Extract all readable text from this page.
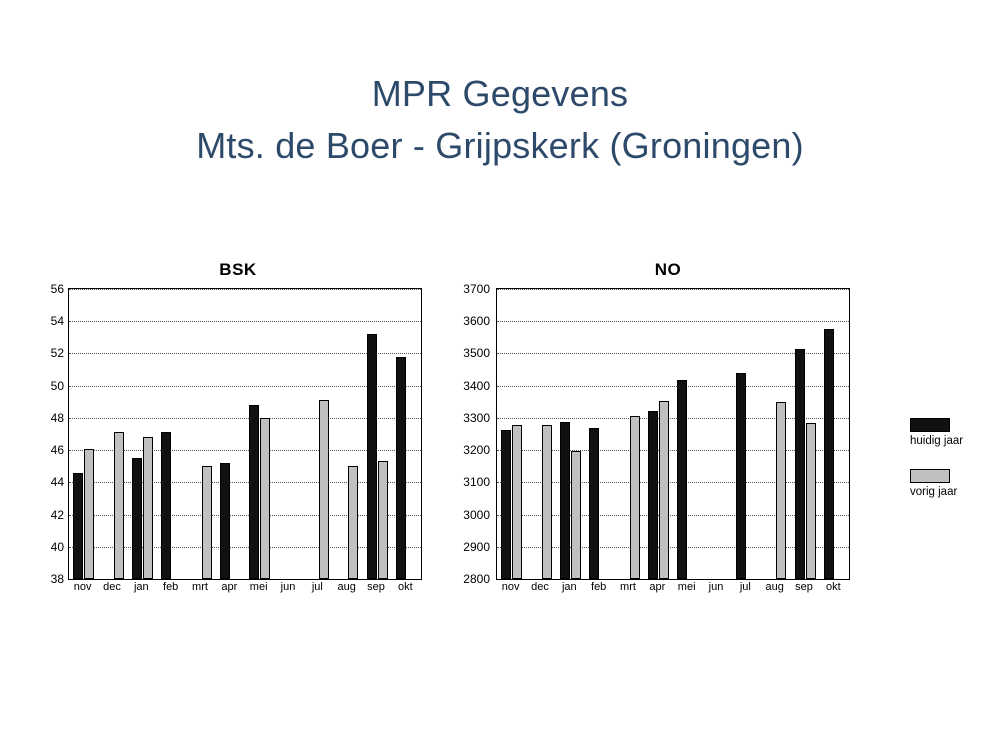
MPR Gegevens
Mts. de Boer - Grijpskerk (Groningen)
BSK
38
40
42
44
46
48
50
52
54
56
nov dec jan feb mrt apr mei jun jul aug sep okt
NO
2800
2900
3000
3100
3200
3300
3400
3500
3600
3700
nov dec jan feb mrt apr mei jun jul aug sep okt
huidig jaar
vorig jaar
